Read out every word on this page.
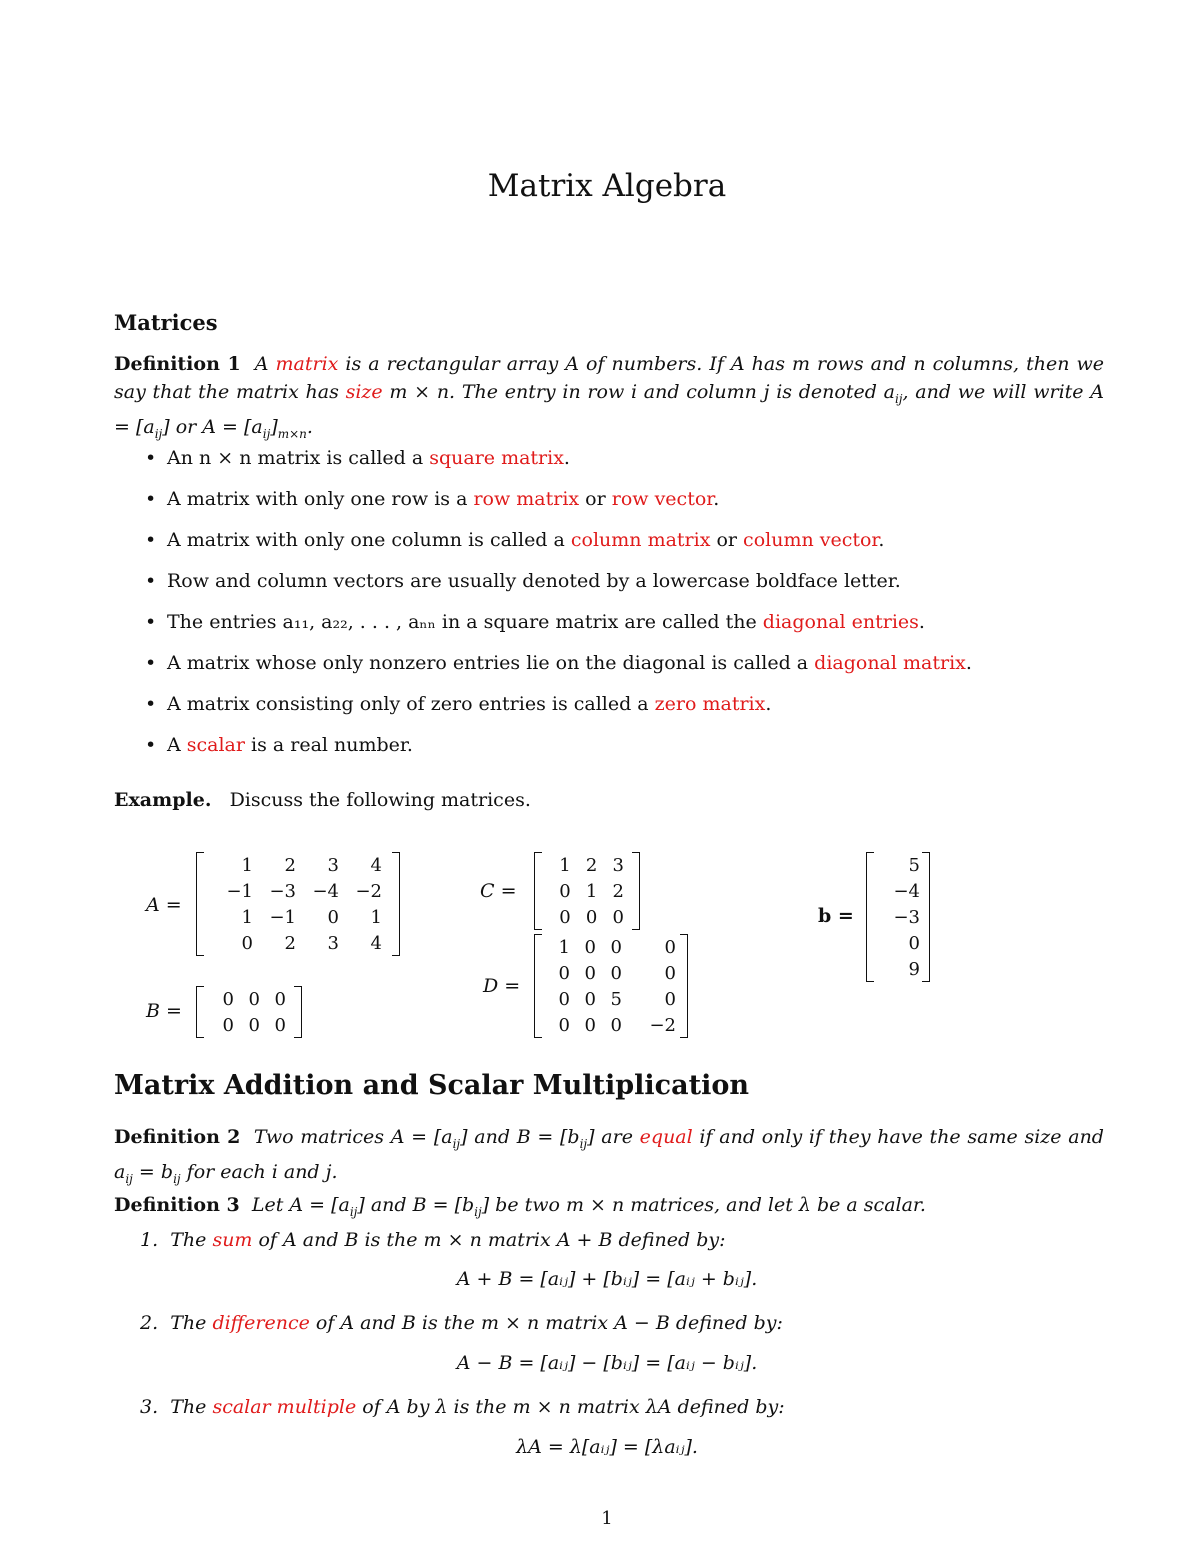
Matrix Algebra
Matrices
Definition 1 A matrix is a rectangular array A of numbers. If A has m rows and n columns, then we say that the matrix has size m × n. The entry in row i and column j is denoted $a_{ij}$, and we will write $A = [a_{ij}]$ or $A = [a_{ij}]_{m\times n}$.
• An n × n matrix is called a square matrix.
• A matrix with only one row is a row matrix or row vector.
• A matrix with only one column is called a column matrix or column vector.
• Row and column vectors are usually denoted by a lowercase boldface letter.
• The entries a₁₁, a₂₂, . . . , aₙₙ in a square matrix are called the diagonal entries.
• A matrix whose only nonzero entries lie on the diagonal is called a diagonal matrix.
• A matrix consisting only of zero entries is called a zero matrix.
• A scalar is a real number.
Example. Discuss the following matrices.
A =
1	2	3	4
−1	−3	−4	−2
1	−1	0	1
0	2	3	4
B =
0	0	0
0	0	0
C =
1	2	3
0	1	2
0	0	0
D =
1	0	0	0
0	0	0	0
0	0	5	0
0	0	0	−2
b =
5
−4
−3
0
9
Matrix Addition and Scalar Multiplication
Definition 2 Two matrices $A = [a_{ij}]$ and $B = [b_{ij}]$ are equal if and only if they have the same size and $a_{ij} = b_{ij}$ for each i and j.
Definition 3 Let $A = [a_{ij}]$ and $B = [b_{ij}]$ be two m × n matrices, and let λ be a scalar.
1. The sum of A and B is the m × n matrix A + B defined by:
A + B = [aᵢⱼ] + [bᵢⱼ] = [aᵢⱼ + bᵢⱼ].
2. The difference of A and B is the m × n matrix A − B defined by:
A − B = [aᵢⱼ] − [bᵢⱼ] = [aᵢⱼ − bᵢⱼ].
3. The scalar multiple of A by λ is the m × n matrix λA defined by:
λA = λ[aᵢⱼ] = [λaᵢⱼ].
1
